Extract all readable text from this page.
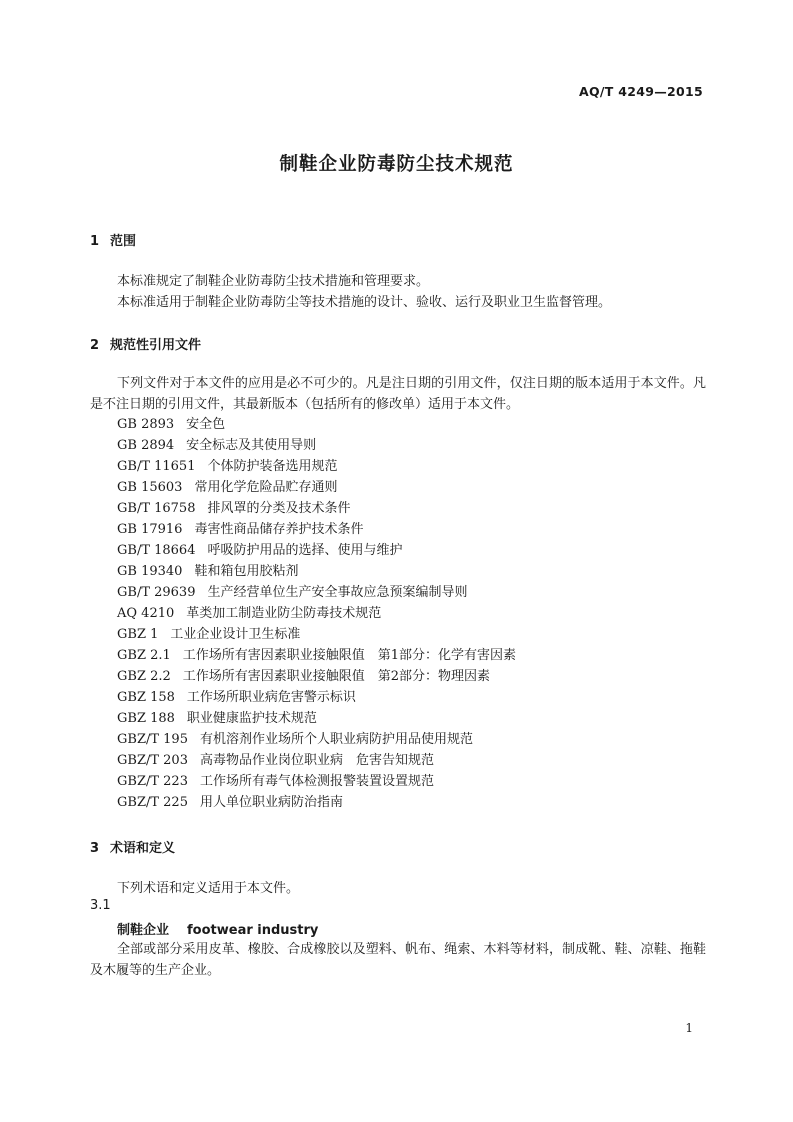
AQ/T 4249—2015
制鞋企业防毒防尘技术规范
1 范围
本标准规定了制鞋企业防毒防尘技术措施和管理要求。
本标准适用于制鞋企业防毒防尘等技术措施的设计、验收、运行及职业卫生监督管理。
2 规范性引用文件

下列文件对于本文件的应用是必不可少的。凡是注日期的引用文件，仅注日期的版本适用于本文件。凡是不注日期的引用文件，其最新版本（包括所有的修改单）适用于本文件。

GB 2893 安全色
GB 2894 安全标志及其使用导则
GB/T 11651 个体防护装备选用规范
GB 15603 常用化学危险品贮存通则
GB/T 16758 排风罩的分类及技术条件
GB 17916 毒害性商品储存养护技术条件
GB/T 18664 呼吸防护用品的选择、使用与维护
GB 19340 鞋和箱包用胶粘剂
GB/T 29639 生产经营单位生产安全事故应急预案编制导则
AQ 4210 革类加工制造业防尘防毒技术规范
GBZ 1 工业企业设计卫生标准
GBZ 2.1 工作场所有害因素职业接触限值　第1部分：化学有害因素
GBZ 2.2 工作场所有害因素职业接触限值　第2部分：物理因素
GBZ 158 工作场所职业病危害警示标识
GBZ 188 职业健康监护技术规范
GBZ/T 195 有机溶剂作业场所个人职业病防护用品使用规范
GBZ/T 203 高毒物品作业岗位职业病　危害告知规范
GBZ/T 223 工作场所有毒气体检测报警装置设置规范
GBZ/T 225 用人单位职业病防治指南
3 术语和定义
下列术语和定义适用于本文件。
3.1
制鞋企业 footwear industry

全部或部分采用皮革、橡胶、合成橡胶以及塑料、帆布、绳索、木料等材料，制成靴、鞋、凉鞋、拖鞋及木履等的生产企业。

1
